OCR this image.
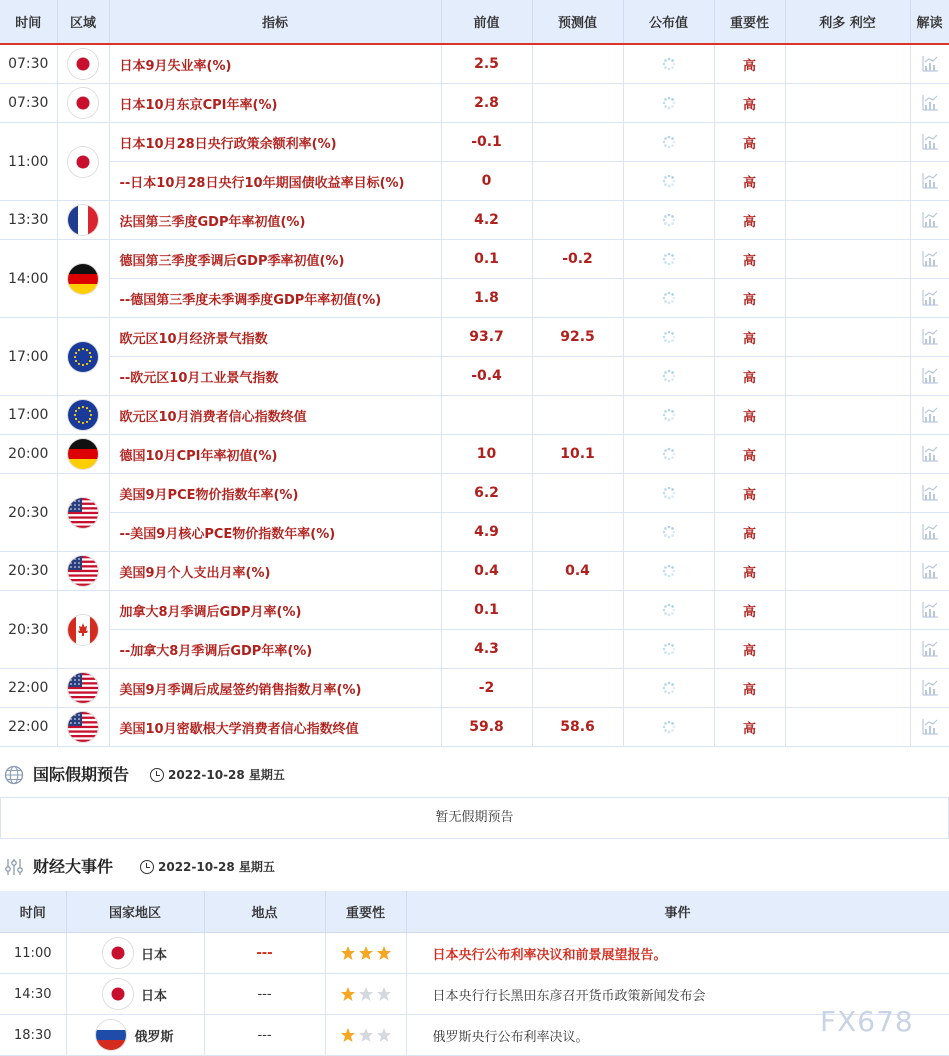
时间	区域	指标	前值	预测值	公布值	重要性	利多 利空	解读
07:30		日本9月失业率(%)	2.5			高		
07:30		日本10月东京CPI年率(%)	2.8			高		
11:00		日本10月28日央行政策余额利率(%)	-0.1			高		
		--日本10月28日央行10年期国债收益率目标(%)	0			高		
13:30		法国第三季度GDP年率初值(%)	4.2			高		
14:00		德国第三季度季调后GDP季率初值(%)	0.1	-0.2		高		
		--德国第三季度未季调季度GDP年率初值(%)	1.8			高		
17:00		欧元区10月经济景气指数	93.7	92.5		高		
		--欧元区10月工业景气指数	-0.4			高		
17:00		欧元区10月消费者信心指数终值				高		
20:00		德国10月CPI年率初值(%)	10	10.1		高		
20:30		美国9月PCE物价指数年率(%)	6.2			高		
		--美国9月核心PCE物价指数年率(%)	4.9			高		
20:30		美国9月个人支出月率(%)	0.4	0.4		高		
20:30		加拿大8月季调后GDP月率(%)	0.1			高		
		--加拿大8月季调后GDP年率(%)	4.3			高		
22:00		美国9月季调后成屋签约销售指数月率(%)	-2			高		
22:00		美国10月密歇根大学消费者信心指数终值	59.8	58.6		高		
国际假期预告	2022-10-28 星期五
暂无假期预告
财经大事件	2022-10-28 星期五
时间	国家地区	地点	重要性	事件
11:00	日本	---		日本央行公布利率决议和前景展望报告。
14:30	日本	---		日本央行行长黑田东彦召开货币政策新闻发布会
18:30	俄罗斯	---		俄罗斯央行公布利率决议。	FX678
